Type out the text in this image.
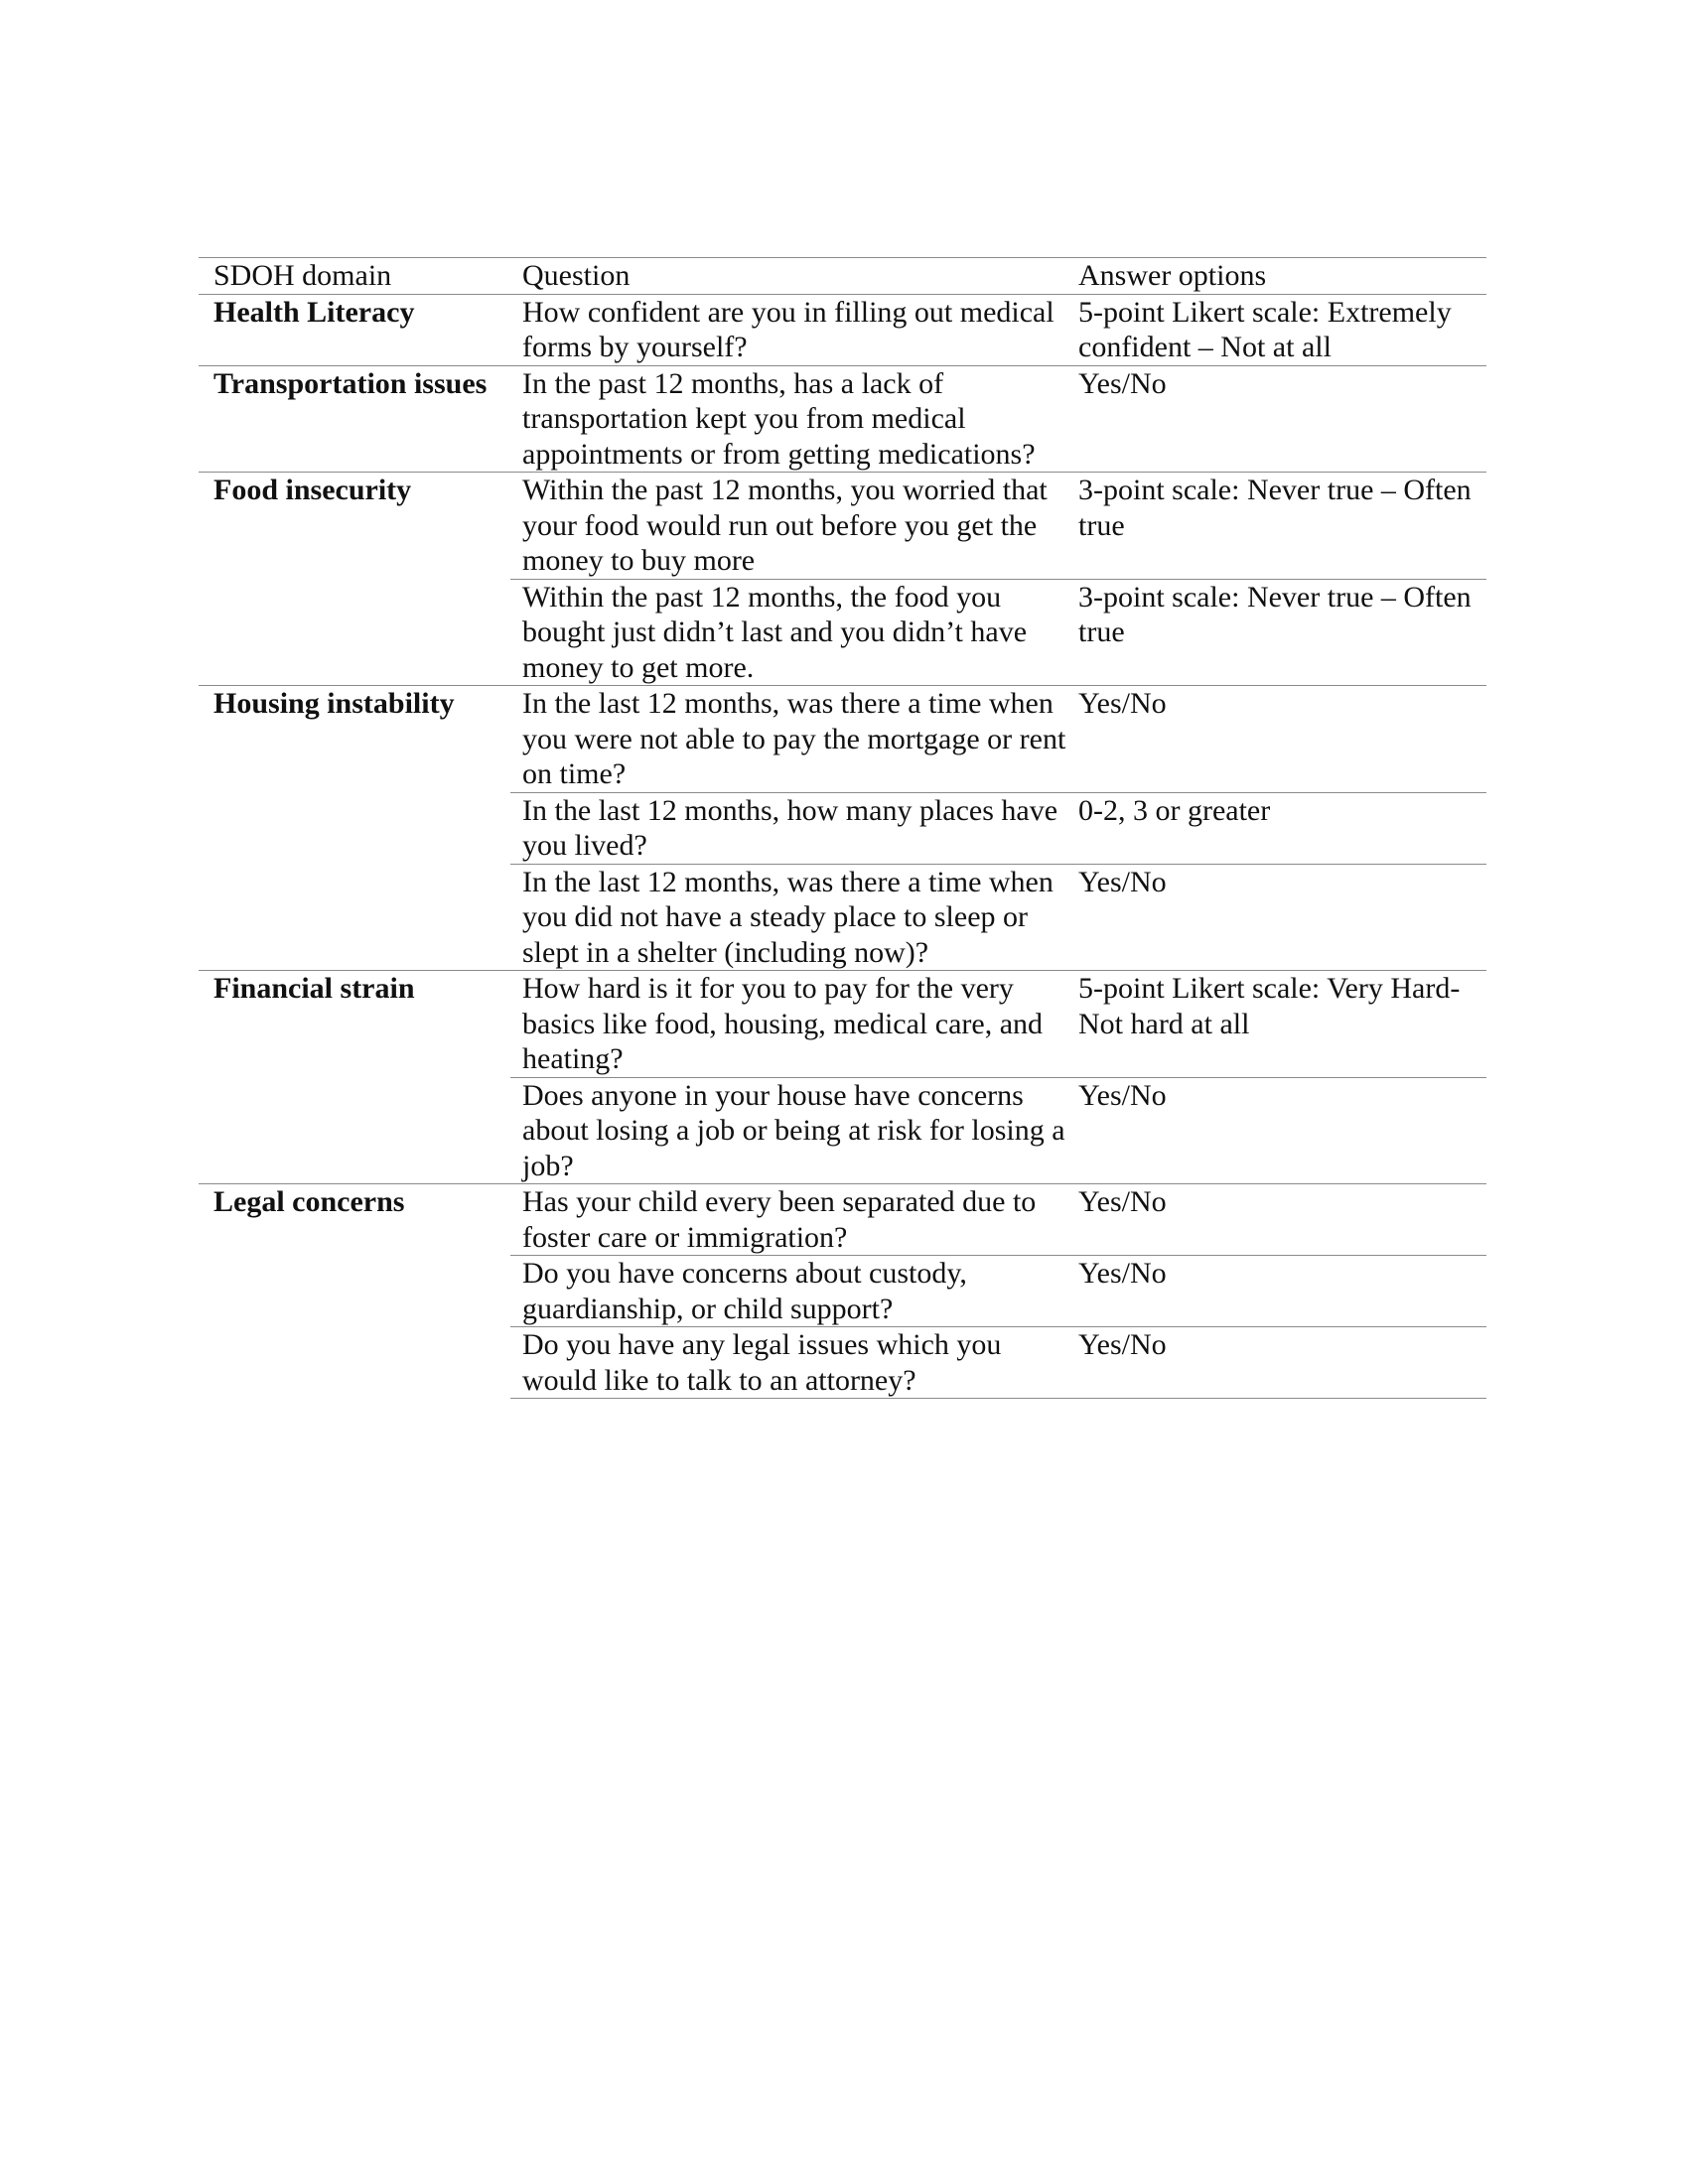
SDOH domain	Question	Answer options
Health Literacy	How confident are you in filling out medical forms by yourself?	5-point Likert scale: Extremely confident – Not at all
Transportation issues	In the past 12 months, has a lack of transportation kept you from medical appointments or from getting medications?	Yes/No
Food insecurity	Within the past 12 months, you worried that your food would run out before you get the money to buy more	3-point scale: Never true – Often true
	Within the past 12 months, the food you bought just didn’t last and you didn’t have money to get more.	3-point scale: Never true – Often true
Housing instability	In the last 12 months, was there a time when you were not able to pay the mortgage or rent on time?	Yes/No
	In the last 12 months, how many places have you lived?	0-2, 3 or greater
	In the last 12 months, was there a time when you did not have a steady place to sleep or slept in a shelter (including now)?	Yes/No
Financial strain	How hard is it for you to pay for the very basics like food, housing, medical care, and heating?	5-point Likert scale: Very Hard- Not hard at all
	Does anyone in your house have concerns about losing a job or being at risk for losing a job?	Yes/No
Legal concerns	Has your child every been separated due to foster care or immigration?	Yes/No
	Do you have concerns about custody, guardianship, or child support?	Yes/No
	Do you have any legal issues which you would like to talk to an attorney?	Yes/No
